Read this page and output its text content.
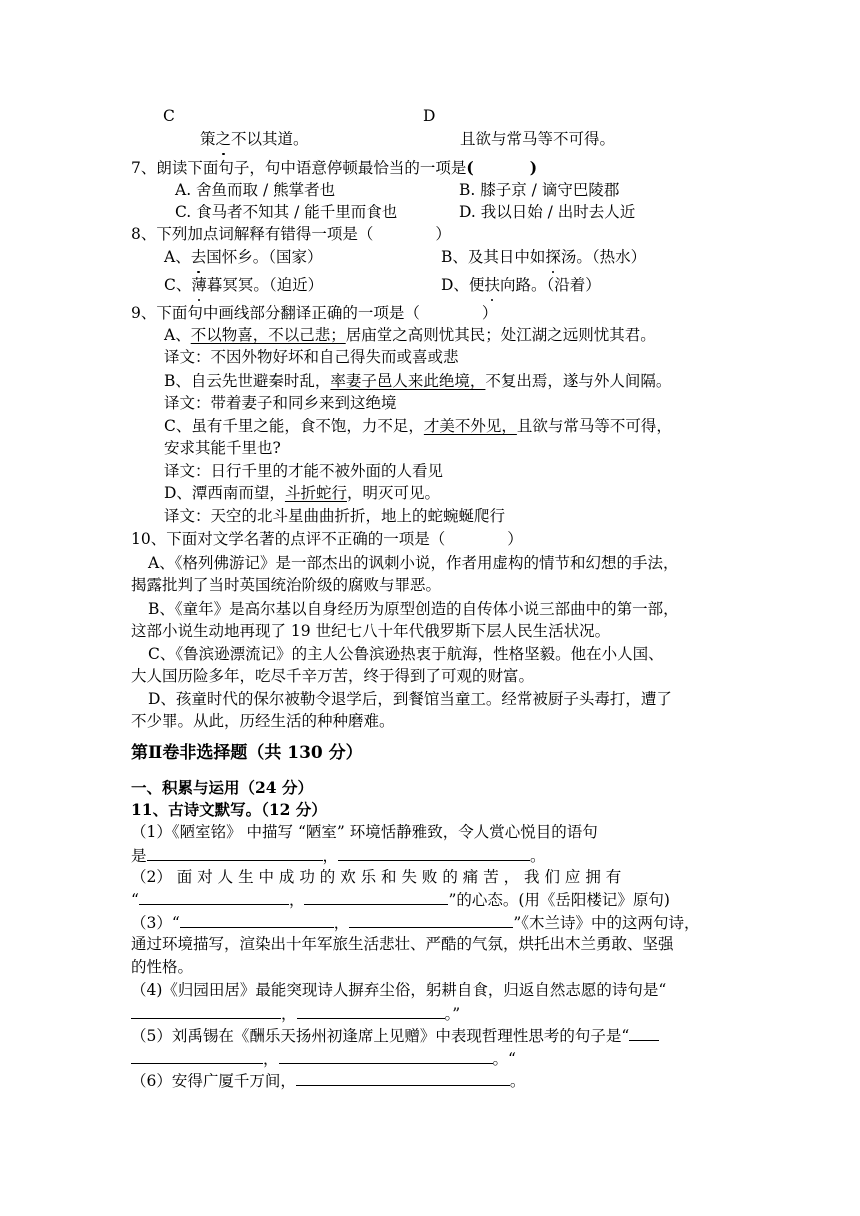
C	D
策之不以其道。	且欲与常马等不可得。
7、朗读下面句子，句中语意停顿最恰当的一项是(	)
A. 舍鱼而取 / 熊掌者也	B. 膝子京 / 谪守巴陵郡
C. 食马者不知其 / 能千里而食也	D. 我以日始 / 出时去人近
8、下列加点词解释有错得一项是（	）
A、去国怀乡。（国家）	B、及其日中如探汤。（热水）
C、薄暮冥冥。（迫近）	D、便扶向路。（沿着）
9、下面句中画线部分翻译正确的一项是（	）
A、不以物喜，不以己悲；居庙堂之高则忧其民；处江湖之远则忧其君。
译文：不因外物好坏和自己得失而或喜或悲
B、自云先世避秦时乱，率妻子邑人来此绝境，不复出焉，遂与外人间隔。
译文：带着妻子和同乡来到这绝境
C、虽有千里之能，食不饱，力不足，才美不外见，且欲与常马等不可得，
安求其能千里也?
译文：日行千里的才能不被外面的人看见
D、潭西南而望，斗折蛇行，明灭可见。
译文：天空的北斗星曲曲折折，地上的蛇蜿蜒爬行
10、下面对文学名著的点评不正确的一项是（	）
A、《格列佛游记》是一部杰出的讽刺小说，作者用虚构的情节和幻想的手法，
揭露批判了当时英国统治阶级的腐败与罪恶。
B、《童年》是高尔基以自身经历为原型创造的自传体小说三部曲中的第一部，
这部小说生动地再现了 19 世纪七八十年代俄罗斯下层人民生活状况。
C、《鲁滨逊漂流记》的主人公鲁滨逊热衷于航海，性格坚毅。他在小人国、
大人国历险多年，吃尽千辛万苦，终于得到了可观的财富。
D、孩童时代的保尔被勒令退学后，到餐馆当童工。经常被厨子头毒打，遭了
不少罪。从此，历经生活的种种磨难。
第Ⅱ卷非选择题（共 130 分）
一、积累与运用（24 分）
11、古诗文默写。（12 分）
（1）《陋室铭》 中描写 “陋室” 环境恬静雅致，令人赏心悦目的语句
是	，	。
（2） 面 对 人 生 中 成 功 的 欢 乐 和 失 败 的 痛 苦 ， 我 们 应 拥 有
“	，	”的心态。(用《岳阳楼记》原句)
（3）“	，	”《木兰诗》中的这两句诗，
通过环境描写，渲染出十年军旅生活悲壮、严酷的气氛，烘托出木兰勇敢、坚强
的性格。
（4)《归园田居》最能突现诗人摒弃尘俗，躬耕自食，归返自然志愿的诗句是“
，	。”
（5）刘禹锡在《酬乐天扬州初逢席上见赠》中表现哲理性思考的句子是“
，	。“
（6）安得广厦千万间，	。
